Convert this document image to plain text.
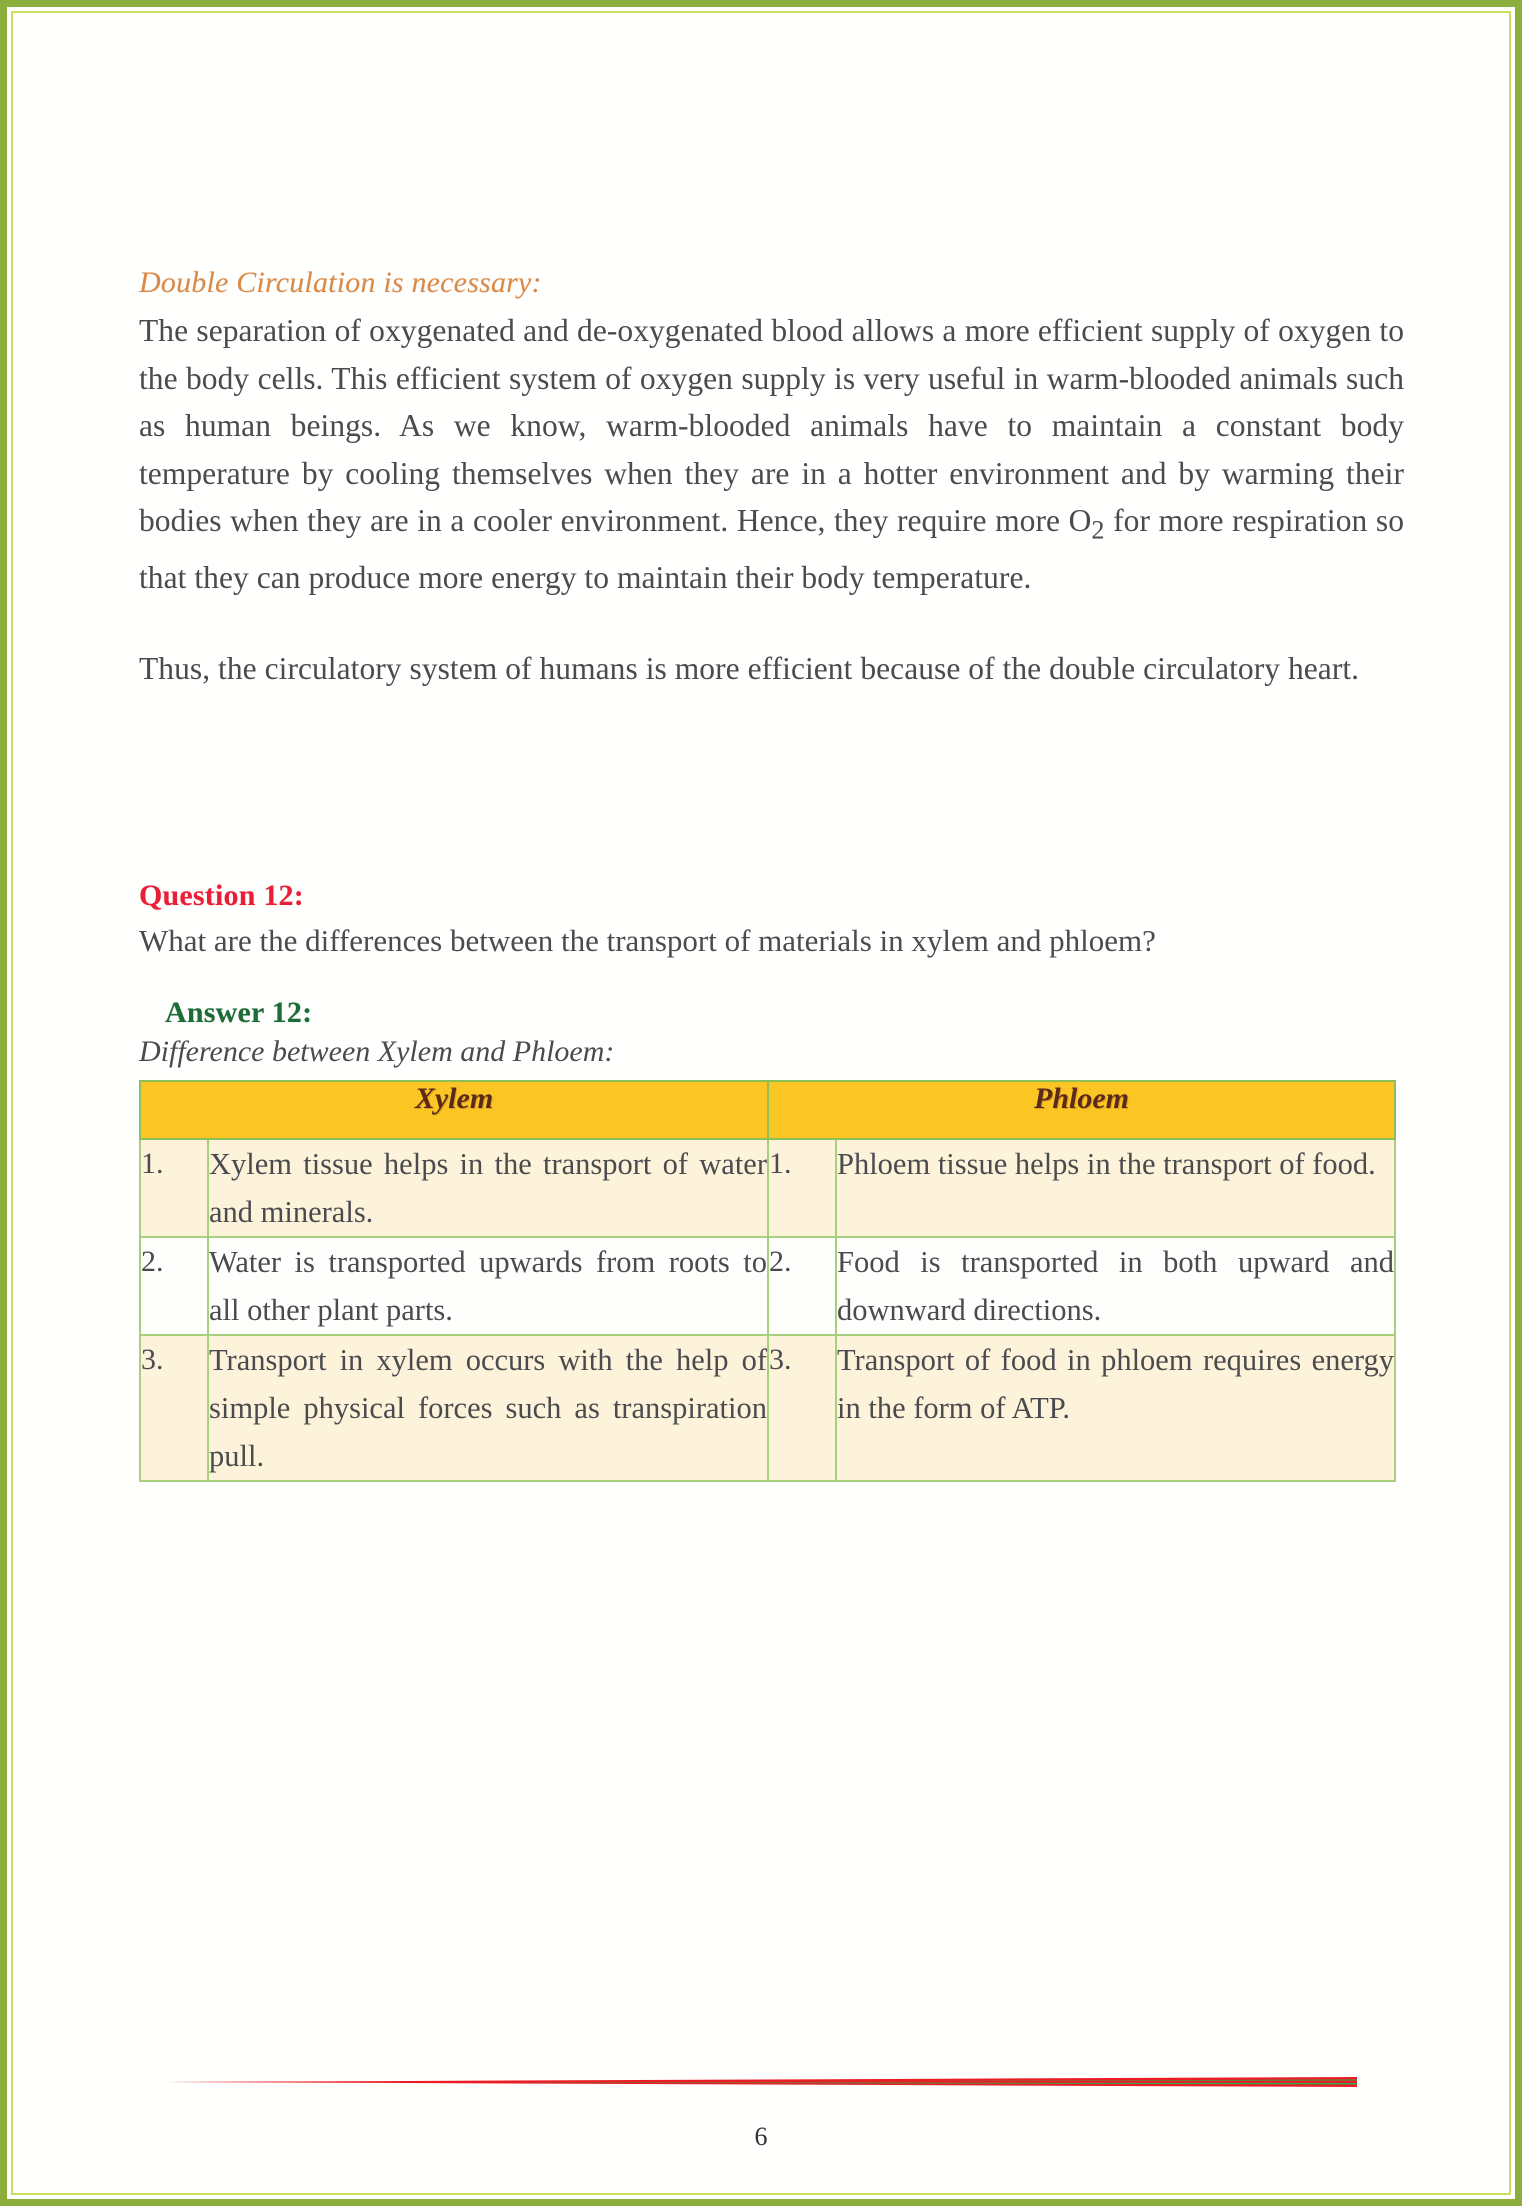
Double Circulation is necessary:

The separation of oxygenated and de-oxygenated blood allows a more efficient supply of oxygen to the body cells. This efficient system of oxygen supply is very useful in warm-blooded animals such as human beings. As we know, warm-blooded animals have to maintain a constant body temperature by cooling themselves when they are in a hotter environment and by warming their bodies when they are in a cooler environment. Hence, they require more $O_2$ for more respiration so that they can produce more energy to maintain their body temperature.

Thus, the circulatory system of humans is more efficient because of the double circulatory heart.

Question 12:

What are the differences between the transport of materials in xylem and phloem?

Answer 12:

Difference between Xylem and Phloem:

Xylem		Phloem	
1.	Xylem tissue helps in the transport of water and minerals.	1.	Phloem tissue helps in the transport of food.
2.	Water is transported upwards from roots to all other plant parts.	2.	Food is transported in both upward and downward directions.
3.	Transport in xylem occurs with the help of simple physical forces such as transpiration pull.	3.	Transport of food in phloem requires energy in the form of ATP.
6
